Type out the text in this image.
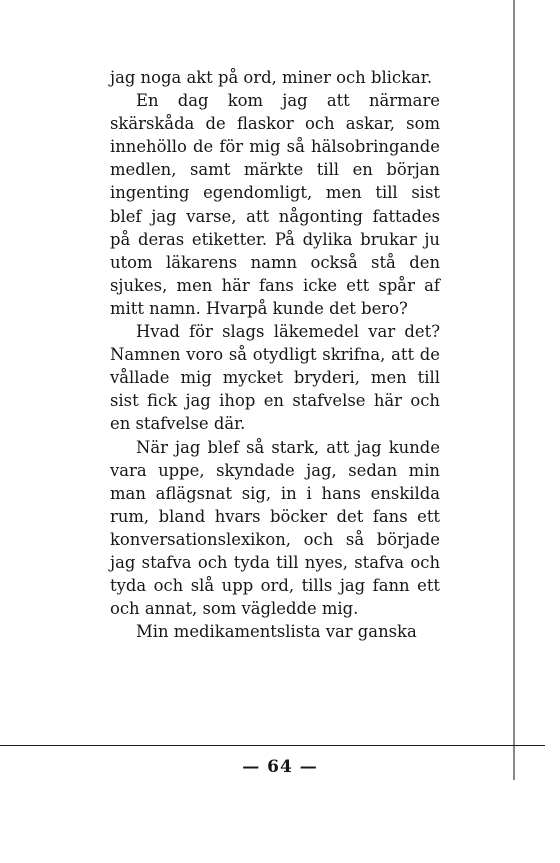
jag noga akt på ord, miner och blickar.

En dag kom jag att närmare skärskåda de flaskor och askar, som innehöllo de för mig så hälsobringande medlen, samt märkte till en början ingenting egendomligt, men till sist blef jag varse, att någonting fattades på deras etiketter. På dylika brukar ju utom läkarens namn också stå den sjukes, men här fans icke ett spår af mitt namn. Hvarpå kunde det bero?

Hvad för slags läkemedel var det? Namnen voro så otydligt skrifna, att de vållade mig mycket bryderi, men till sist fick jag ihop en stafvelse här och en stafvelse där.

När jag blef så stark, att jag kunde vara uppe, skyndade jag, sedan min man aflägsnat sig, in i hans enskilda rum, bland hvars böcker det fans ett konversationslexikon, och så började jag stafva och tyda till nyes, stafva och tyda och slå upp ord, tills jag fann ett och annat, som vägledde mig.

Min medikamentslista var ganska

— 64 —
